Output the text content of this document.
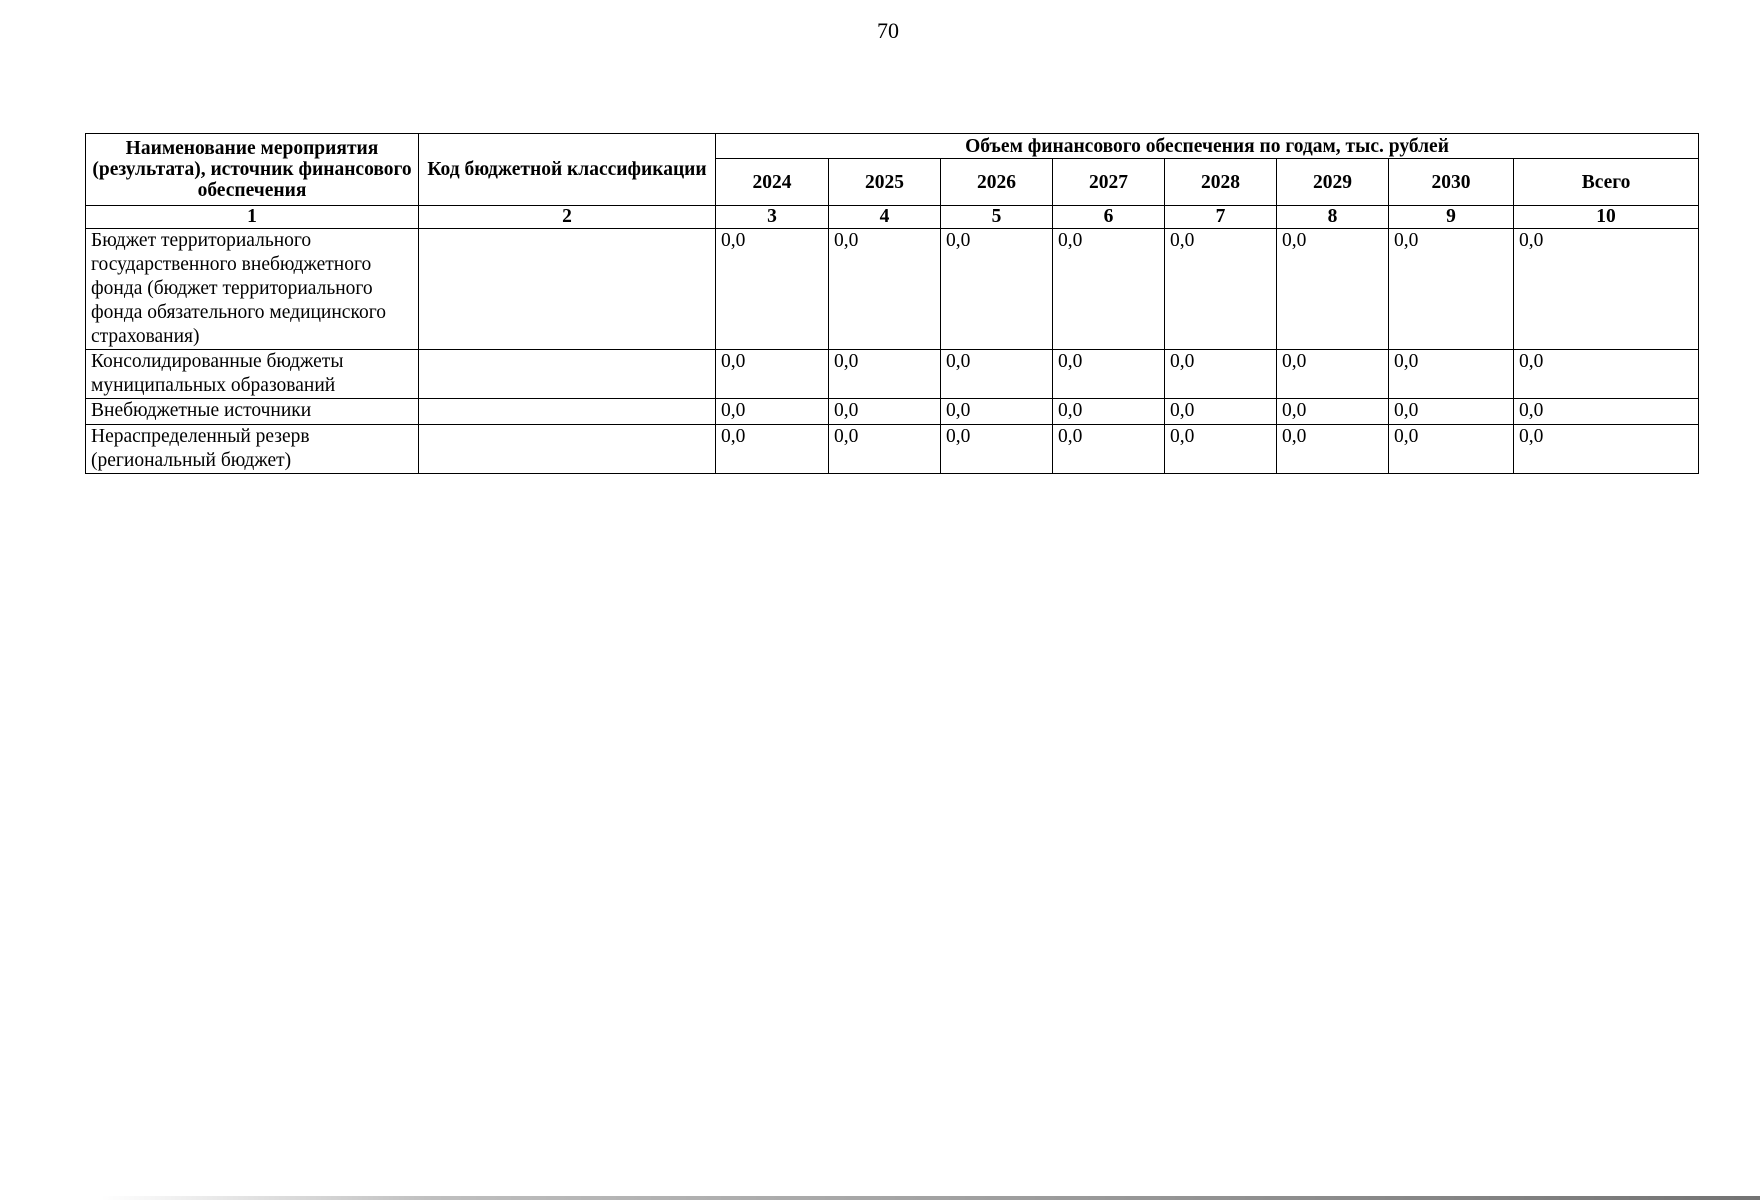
70
Наименование мероприятия (результата), источник финансового обеспечения	Код бюджетной классификации	Объем финансового обеспечения по годам, тыс. рублей							
		2024	2025	2026	2027	2028	2029	2030	Всего
1	2	3	4	5	6	7	8	9	10
Бюджет территориального государственного внебюджетного фонда (бюджет территориального фонда обязательного медицинского страхования)		0,0	0,0	0,0	0,0	0,0	0,0	0,0	0,0
Консолидированные бюджеты муниципальных образований		0,0	0,0	0,0	0,0	0,0	0,0	0,0	0,0
Внебюджетные источники		0,0	0,0	0,0	0,0	0,0	0,0	0,0	0,0
Нераспределенный резерв (региональный бюджет)		0,0	0,0	0,0	0,0	0,0	0,0	0,0	0,0
